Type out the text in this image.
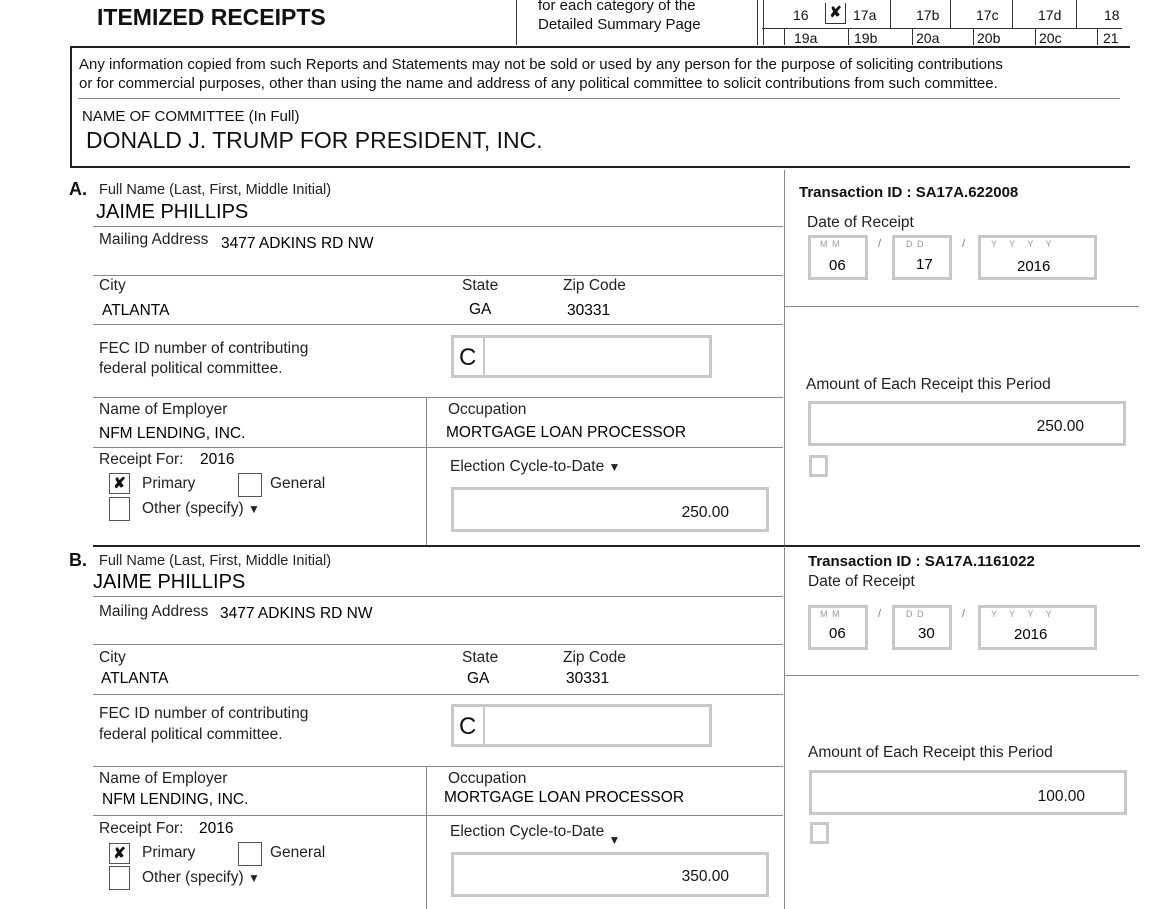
ITEMIZED RECEIPTS	for each category of the
Detailed Summary Page
16 ✘ 17a	17b	17c	17d	18
19a	19b	20a	20b	20c	21
Any information copied from such Reports and Statements may not be sold or used by any person for the purpose of soliciting contributions
or for commercial purposes, other than using the name and address of any political committee to solicit contributions from such committee.
NAME OF COMMITTEE (In Full)
DONALD J. TRUMP FOR PRESIDENT, INC.
A. Full Name (Last, First, Middle Initial)
JAIME PHILLIPS
Mailing Address 3477 ADKINS RD NW
City	State	Zip Code
ATLANTA	GA	30331
FEC ID number of contributing
federal political committee.	C
Name of Employer	Occupation
NFM LENDING, INC.	MORTGAGE LOAN PROCESSOR
Receipt For: 2016
✘ Primary	General
Other (specify) ▼
Election Cycle-to-Date ▼
250.00
Transaction ID : SA17A.622008
Date of Receipt
M M
06
/	D D
17
/	Y Y Y Y
2016
Amount of Each Receipt this Period
250.00
B. Full Name (Last, First, Middle Initial)
JAIME PHILLIPS
Mailing Address 3477 ADKINS RD NW
City	State	Zip Code
ATLANTA	GA	30331
FEC ID number of contributing
federal political committee.	C
Name of Employer	Occupation
NFM LENDING, INC.	MORTGAGE LOAN PROCESSOR
Receipt For: 2016
✘ Primary	General
Other (specify) ▼
Election Cycle-to-Date $_▼$
350.00
Transaction ID : SA17A.1161022
Date of Receipt
M M
06
/	D D
30
/	Y Y Y Y
2016
Amount of Each Receipt this Period
100.00
